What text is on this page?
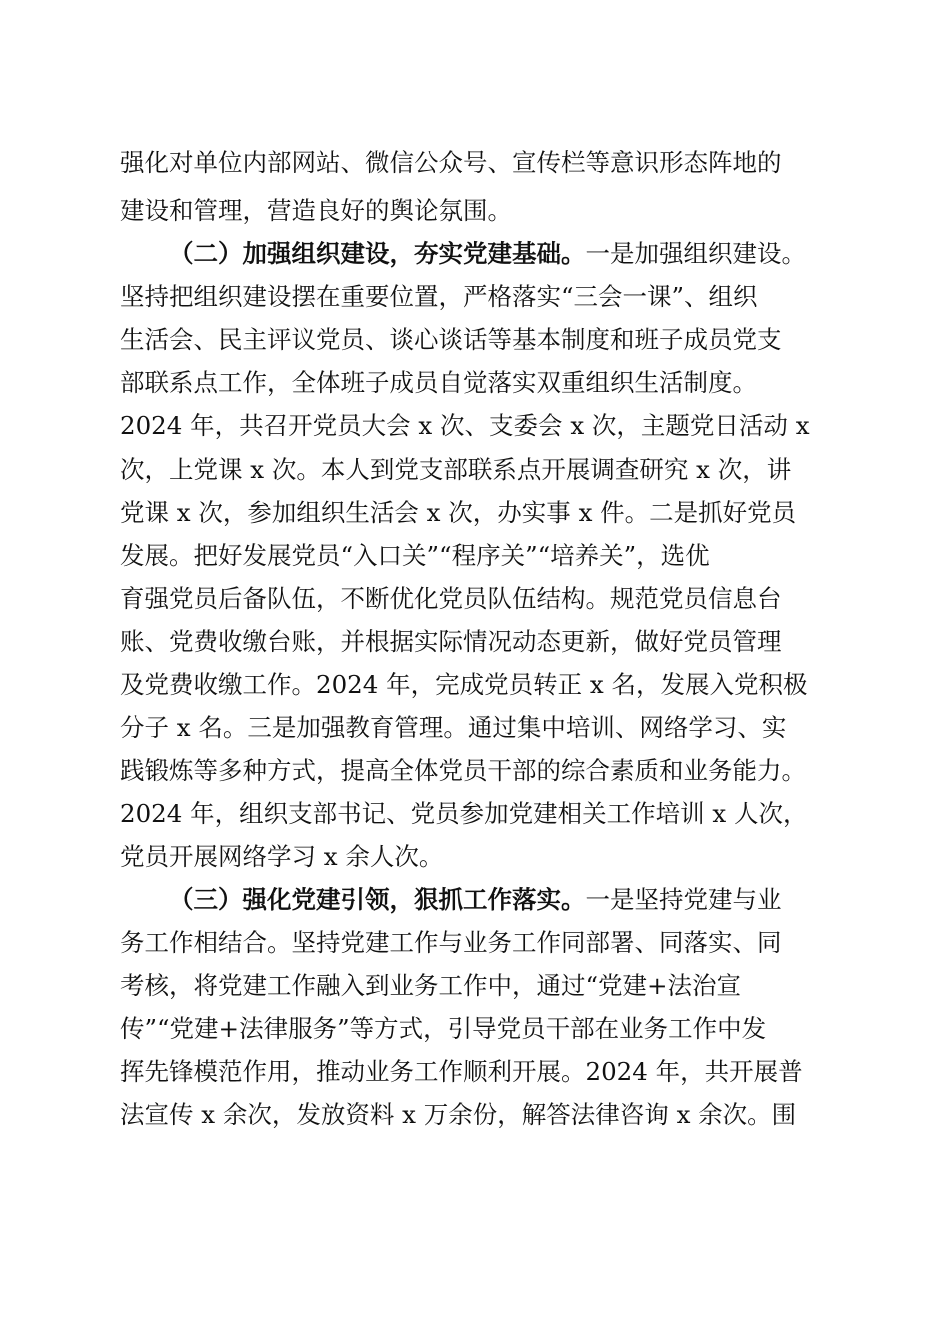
强化对单位内部网站、微信公众号、宣传栏等意识形态阵地的
建设和管理，营造良好的舆论氛围。
（二）加强组织建设，夯实党建基础。一是加强组织建设。
坚持把组织建设摆在重要位置，严格落实“三会一课”、组织
生活会、民主评议党员、谈心谈话等基本制度和班子成员党支
部联系点工作，全体班子成员自觉落实双重组织生活制度。
2024 年，共召开党员大会 x 次、支委会 x 次，主题党日活动 x
次，上党课 x 次。本人到党支部联系点开展调查研究 x 次，讲
党课 x 次，参加组织生活会 x 次，办实事 x 件。二是抓好党员
发展。把好发展党员“入口关”“程序关”“培养关”，选优
育强党员后备队伍，不断优化党员队伍结构。规范党员信息台
账、党费收缴台账，并根据实际情况动态更新，做好党员管理
及党费收缴工作。2024 年，完成党员转正 x 名，发展入党积极
分子 x 名。三是加强教育管理。通过集中培训、网络学习、实
践锻炼等多种方式，提高全体党员干部的综合素质和业务能力。
2024 年，组织支部书记、党员参加党建相关工作培训 x 人次，
党员开展网络学习 x 余人次。
（三）强化党建引领，狠抓工作落实。一是坚持党建与业
务工作相结合。坚持党建工作与业务工作同部署、同落实、同
考核，将党建工作融入到业务工作中，通过“党建+法治宣
传”“党建+法律服务”等方式，引导党员干部在业务工作中发
挥先锋模范作用，推动业务工作顺利开展。2024 年，共开展普
法宣传 x 余次，发放资料 x 万余份，解答法律咨询 x 余次。围
